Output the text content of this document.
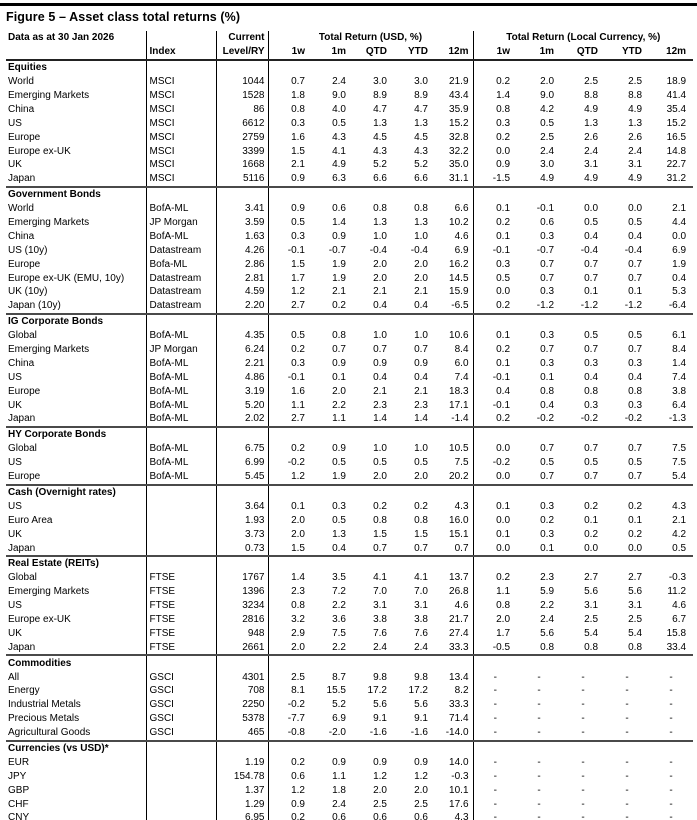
Figure 5 – Asset class total returns (%)
Data as at 30 Jan 2026		Current	Total Return (USD, %)					Total Return (Local Currency, %)				
	Index	Level/RY	1w	1m	QTD	YTD	12m	1w	1m	QTD	YTD	12m
Equities												
World	MSCI	1044	0.7	2.4	3.0	3.0	21.9	0.2	2.0	2.5	2.5	18.9
Emerging Markets	MSCI	1528	1.8	9.0	8.9	8.9	43.4	1.4	9.0	8.8	8.8	41.4
China	MSCI	86	0.8	4.0	4.7	4.7	35.9	0.8	4.2	4.9	4.9	35.4
US	MSCI	6612	0.3	0.5	1.3	1.3	15.2	0.3	0.5	1.3	1.3	15.2
Europe	MSCI	2759	1.6	4.3	4.5	4.5	32.8	0.2	2.5	2.6	2.6	16.5
Europe ex-UK	MSCI	3399	1.5	4.1	4.3	4.3	32.2	0.0	2.4	2.4	2.4	14.8
UK	MSCI	1668	2.1	4.9	5.2	5.2	35.0	0.9	3.0	3.1	3.1	22.7
Japan	MSCI	5116	0.9	6.3	6.6	6.6	31.1	-1.5	4.9	4.9	4.9	31.2
Government Bonds												
World	BofA-ML	3.41	0.9	0.6	0.8	0.8	6.6	0.1	-0.1	0.0	0.0	2.1
Emerging Markets	JP Morgan	3.59	0.5	1.4	1.3	1.3	10.2	0.2	0.6	0.5	0.5	4.4
China	BofA-ML	1.63	0.3	0.9	1.0	1.0	4.6	0.1	0.3	0.4	0.4	0.0
US (10y)	Datastream	4.26	-0.1	-0.7	-0.4	-0.4	6.9	-0.1	-0.7	-0.4	-0.4	6.9
Europe	Bofa-ML	2.86	1.5	1.9	2.0	2.0	16.2	0.3	0.7	0.7	0.7	1.9
Europe ex-UK (EMU, 10y)	Datastream	2.81	1.7	1.9	2.0	2.0	14.5	0.5	0.7	0.7	0.7	0.4
UK (10y)	Datastream	4.59	1.2	2.1	2.1	2.1	15.9	0.0	0.3	0.1	0.1	5.3
Japan (10y)	Datastream	2.20	2.7	0.2	0.4	0.4	-6.5	0.2	-1.2	-1.2	-1.2	-6.4
IG Corporate Bonds												
Global	BofA-ML	4.35	0.5	0.8	1.0	1.0	10.6	0.1	0.3	0.5	0.5	6.1
Emerging Markets	JP Morgan	6.24	0.2	0.7	0.7	0.7	8.4	0.2	0.7	0.7	0.7	8.4
China	BofA-ML	2.21	0.3	0.9	0.9	0.9	6.0	0.1	0.3	0.3	0.3	1.4
US	BofA-ML	4.86	-0.1	0.1	0.4	0.4	7.4	-0.1	0.1	0.4	0.4	7.4
Europe	BofA-ML	3.19	1.6	2.0	2.1	2.1	18.3	0.4	0.8	0.8	0.8	3.8
UK	BofA-ML	5.20	1.1	2.2	2.3	2.3	17.1	-0.1	0.4	0.3	0.3	6.4
Japan	BofA-ML	2.02	2.7	1.1	1.4	1.4	-1.4	0.2	-0.2	-0.2	-0.2	-1.3
HY Corporate Bonds												
Global	BofA-ML	6.75	0.2	0.9	1.0	1.0	10.5	0.0	0.7	0.7	0.7	7.5
US	BofA-ML	6.99	-0.2	0.5	0.5	0.5	7.5	-0.2	0.5	0.5	0.5	7.5
Europe	BofA-ML	5.45	1.2	1.9	2.0	2.0	20.2	0.0	0.7	0.7	0.7	5.4
Cash (Overnight rates)												
US		3.64	0.1	0.3	0.2	0.2	4.3	0.1	0.3	0.2	0.2	4.3
Euro Area		1.93	2.0	0.5	0.8	0.8	16.0	0.0	0.2	0.1	0.1	2.1
UK		3.73	2.0	1.3	1.5	1.5	15.1	0.1	0.3	0.2	0.2	4.2
Japan		0.73	1.5	0.4	0.7	0.7	0.7	0.0	0.1	0.0	0.0	0.5
Real Estate (REITs)												
Global	FTSE	1767	1.4	3.5	4.1	4.1	13.7	0.2	2.3	2.7	2.7	-0.3
Emerging Markets	FTSE	1396	2.3	7.2	7.0	7.0	26.8	1.1	5.9	5.6	5.6	11.2
US	FTSE	3234	0.8	2.2	3.1	3.1	4.6	0.8	2.2	3.1	3.1	4.6
Europe ex-UK	FTSE	2816	3.2	3.6	3.8	3.8	21.7	2.0	2.4	2.5	2.5	6.7
UK	FTSE	948	2.9	7.5	7.6	7.6	27.4	1.7	5.6	5.4	5.4	15.8
Japan	FTSE	2661	2.0	2.2	2.4	2.4	33.3	-0.5	0.8	0.8	0.8	33.4
Commodities												
All	GSCI	4301	2.5	8.7	9.8	9.8	13.4	-	-	-	-	-
Energy	GSCI	708	8.1	15.5	17.2	17.2	8.2	-	-	-	-	-
Industrial Metals	GSCI	2250	-0.2	5.2	5.6	5.6	33.3	-	-	-	-	-
Precious Metals	GSCI	5378	-7.7	6.9	9.1	9.1	71.4	-	-	-	-	-
Agricultural Goods	GSCI	465	-0.8	-2.0	-1.6	-1.6	-14.0	-	-	-	-	-
Currencies (vs USD)*												
EUR		1.19	0.2	0.9	0.9	0.9	14.0	-	-	-	-	-
JPY		154.78	0.6	1.1	1.2	1.2	-0.3	-	-	-	-	-
GBP		1.37	1.2	1.8	2.0	2.0	10.1	-	-	-	-	-
CHF		1.29	0.9	2.4	2.5	2.5	17.6	-	-	-	-	-
CNY		6.95	0.2	0.6	0.6	0.6	4.3	-	-	-	-	-
